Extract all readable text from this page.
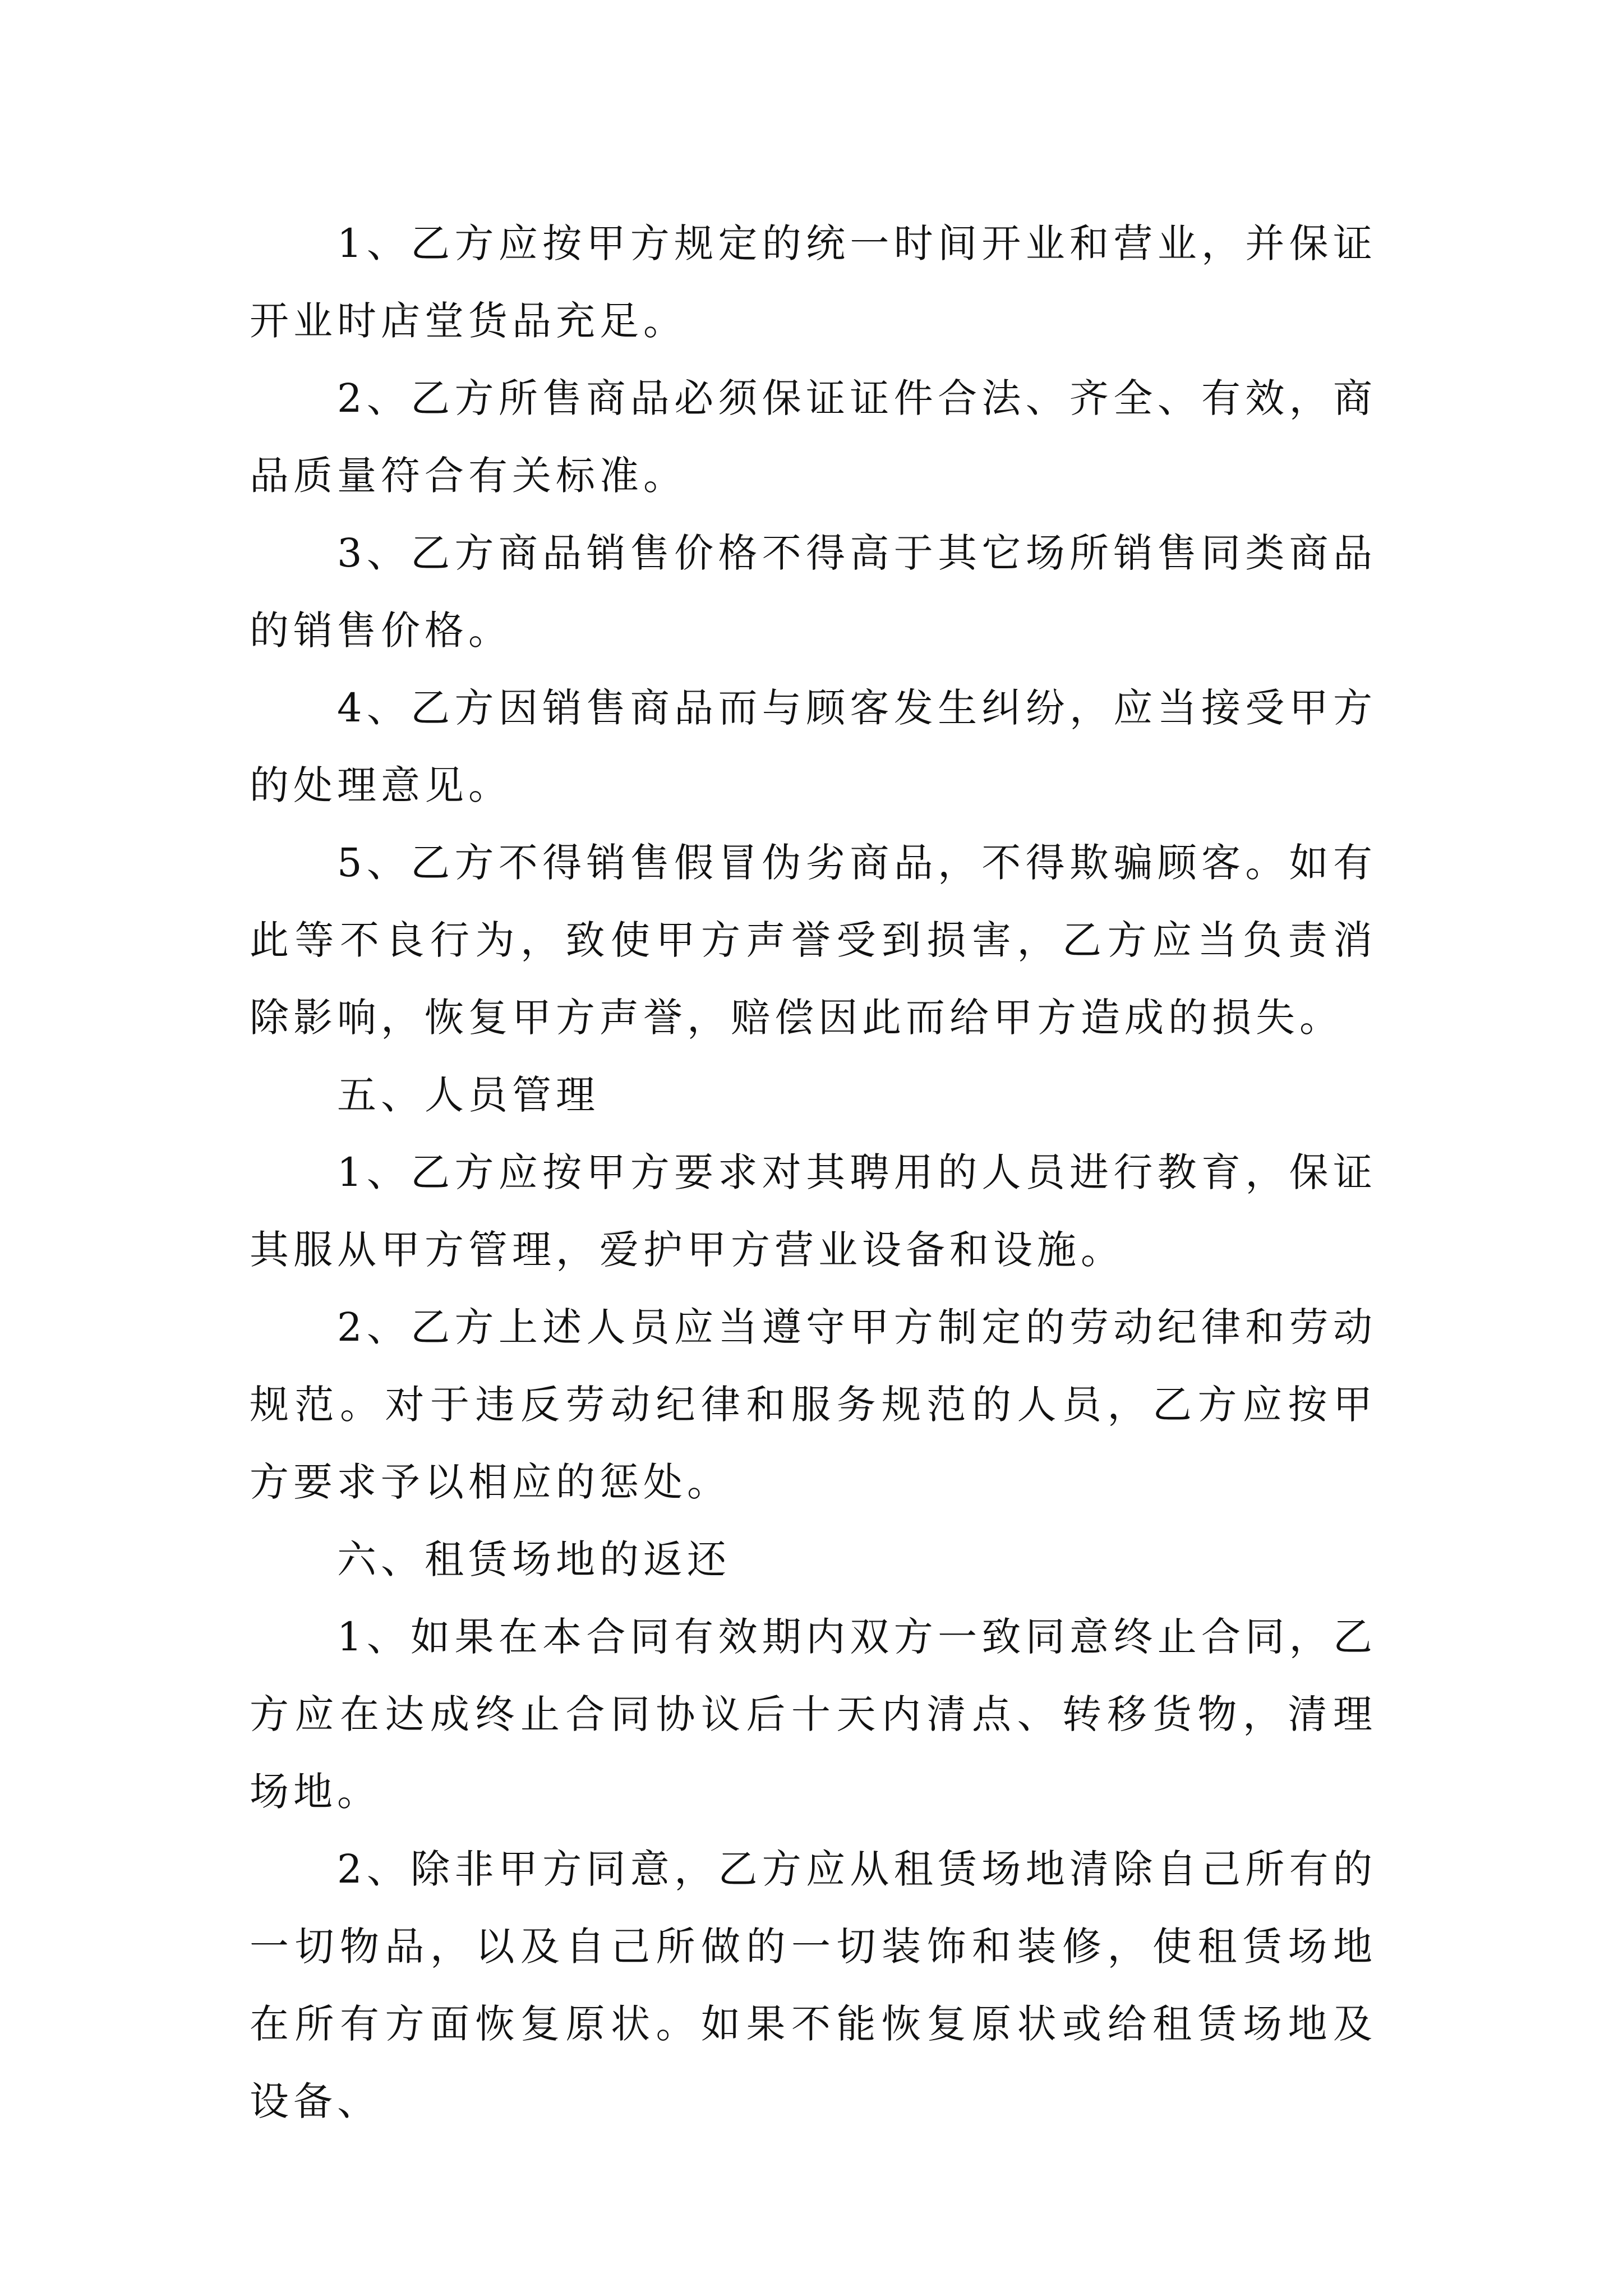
1、乙方应按甲方规定的统一时间开业和营业，并保证开业时店堂货品充足。

2、乙方所售商品必须保证证件合法、齐全、有效，商品质量符合有关标准。

3、乙方商品销售价格不得高于其它场所销售同类商品的销售价格。

4、乙方因销售商品而与顾客发生纠纷，应当接受甲方的处理意见。

5、乙方不得销售假冒伪劣商品，不得欺骗顾客。如有此等不良行为，致使甲方声誉受到损害，乙方应当负责消除影响，恢复甲方声誉，赔偿因此而给甲方造成的损失。

五、人员管理

1、乙方应按甲方要求对其聘用的人员进行教育，保证其服从甲方管理，爱护甲方营业设备和设施。

2、乙方上述人员应当遵守甲方制定的劳动纪律和劳动规范。对于违反劳动纪律和服务规范的人员，乙方应按甲方要求予以相应的惩处。

六、租赁场地的返还

1、如果在本合同有效期内双方一致同意终止合同，乙方应在达成终止合同协议后十天内清点、转移货物，清理场地。

2、除非甲方同意，乙方应从租赁场地清除自己所有的一切物品，以及自己所做的一切装饰和装修，使租赁场地在所有方面恢复原状。如果不能恢复原状或给租赁场地及设备、
